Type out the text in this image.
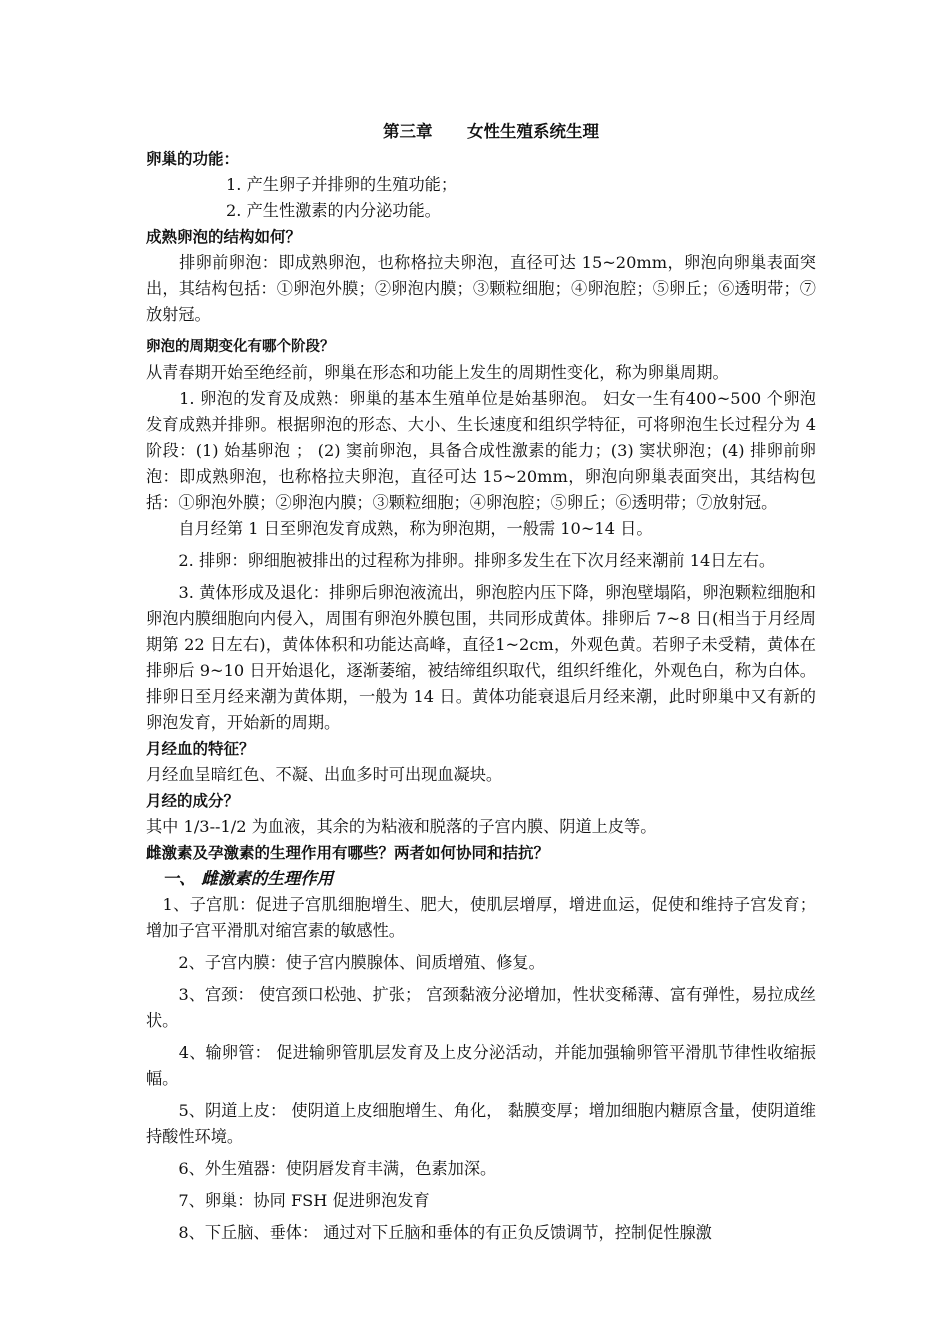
第三章      女性生殖系统生理
卵巢的功能：
1. 产生卵子并排卵的生殖功能；
2. 产生性激素的内分泌功能。
成熟卵泡的结构如何？
　　排卵前卵泡：即成熟卵泡，也称格拉夫卵泡，直径可达 15~20mm，卵泡向卵巢表面突出，其结构包括：①卵泡外膜；②卵泡内膜；③颗粒细胞；④卵泡腔；⑤卵丘；⑥透明带；⑦放射冠。
卵泡的周期变化有哪个阶段？
从青春期开始至绝经前，卵巢在形态和功能上发生的周期性变化，称为卵巢周期。
　　1. 卵泡的发育及成熟：卵巢的基本生殖单位是始基卵泡。 妇女一生有400~500 个卵泡发育成熟并排卵。根据卵泡的形态、大小、生长速度和组织学特征，可将卵泡生长过程分为 4 阶段：(1) 始基卵泡 ； (2) 窦前卵泡，具备合成性激素的能力；(3) 窦状卵泡；(4) 排卵前卵泡：即成熟卵泡，也称格拉夫卵泡，直径可达 15~20mm，卵泡向卵巢表面突出，其结构包括：①卵泡外膜；②卵泡内膜；③颗粒细胞；④卵泡腔；⑤卵丘；⑥透明带；⑦放射冠。
　　自月经第 1 日至卵泡发育成熟，称为卵泡期，一般需 10~14 日。
　　2. 排卵：卵细胞被排出的过程称为排卵。排卵多发生在下次月经来潮前 14日左右。
　　3. 黄体形成及退化：排卵后卵泡液流出，卵泡腔内压下降，卵泡壁塌陷，卵泡颗粒细胞和卵泡内膜细胞向内侵入，周围有卵泡外膜包围，共同形成黄体。排卵后 7~8 日(相当于月经周期第 22 日左右)，黄体体积和功能达高峰，直径1~2cm，外观色黄。若卵子未受精，黄体在排卵后 9~10 日开始退化，逐渐萎缩，被结缔组织取代，组织纤维化，外观色白，称为白体。排卵日至月经来潮为黄体期，一般为 14 日。黄体功能衰退后月经来潮，此时卵巢中又有新的卵泡发育，开始新的周期。
月经血的特征？
月经血呈暗红色、不凝、出血多时可出现血凝块。
月经的成分？
其中 1/3--1/2 为血液，其余的为粘液和脱落的子宫内膜、阴道上皮等。
雌激素及孕激素的生理作用有哪些？两者如何协同和拮抗？
　一、 雌激素的生理作用
　1、子宫肌：促进子宫肌细胞增生、肥大，使肌层增厚，增进血运，促使和维持子宫发育；增加子宫平滑肌对缩宫素的敏感性。
　　2、子宫内膜：使子宫内膜腺体、间质增殖、修复。
　　3、宫颈： 使宫颈口松弛、扩张； 宫颈黏液分泌增加，性状变稀薄、富有弹性，易拉成丝状。
　　4、输卵管： 促进输卵管肌层发育及上皮分泌活动，并能加强输卵管平滑肌节律性收缩振幅。
　　5、阴道上皮： 使阴道上皮细胞增生、角化， 黏膜变厚；增加细胞内糖原含量，使阴道维持酸性环境。
　　6、外生殖器：使阴唇发育丰满，色素加深。
　　7、卵巢：协同 FSH 促进卵泡发育
　　8、下丘脑、垂体： 通过对下丘脑和垂体的有正负反馈调节，控制促性腺激
